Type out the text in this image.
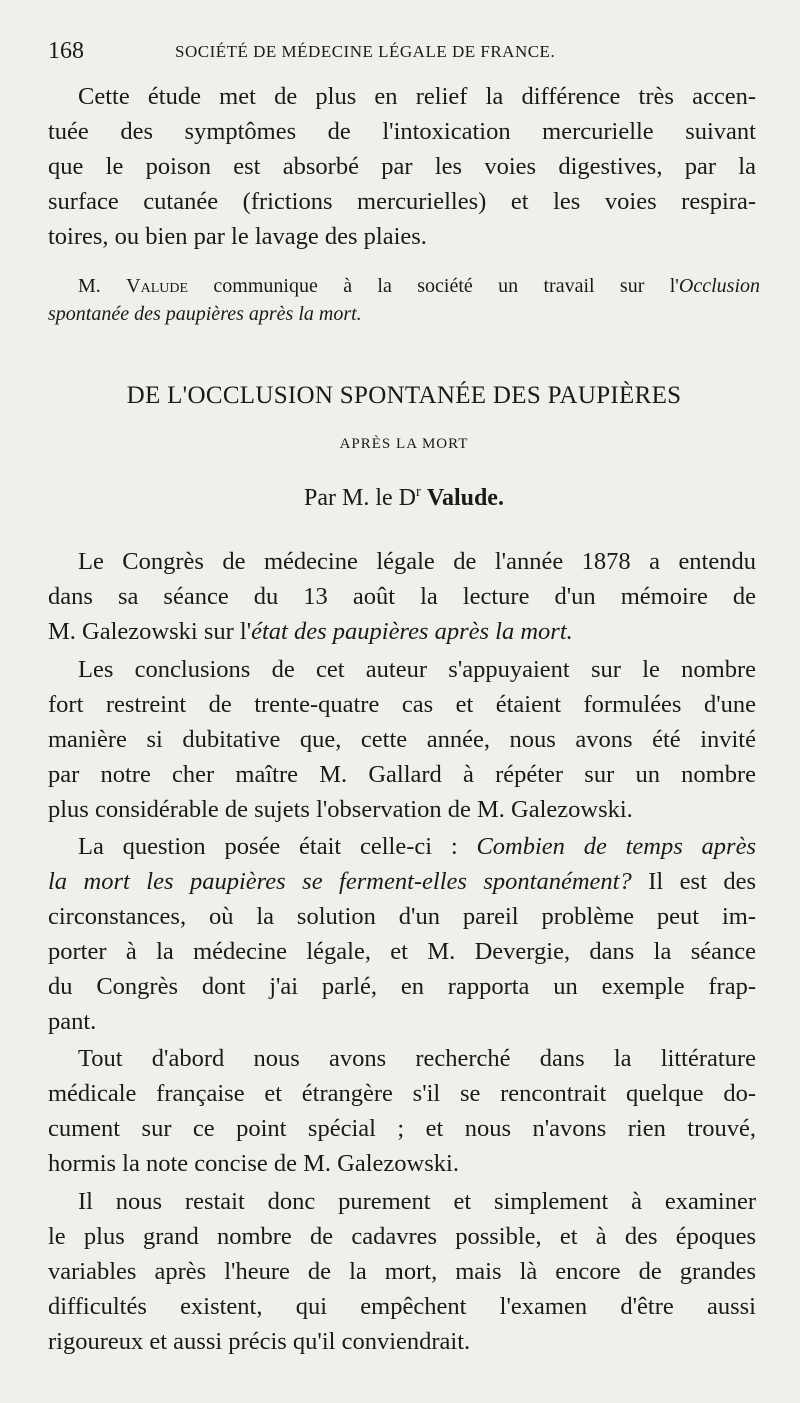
168	SOCIÉTÉ DE MÉDECINE LÉGALE DE FRANCE.
Cette étude met de plus en relief la différence très accen-
tuée des symptômes de l'intoxication mercurielle suivant
que le poison est absorbé par les voies digestives, par la
surface cutanée (frictions mercurielles) et les voies respira-
toires, ou bien par le lavage des plaies.
M. Valude communique à la société un travail sur l'Occlusion
spontanée des paupières après la mort.
DE L'OCCLUSION SPONTANÉE DES PAUPIÈRES
APRÈS LA MORT
Par M. le $D^r$ Valude.
Le Congrès de médecine légale de l'année 1878 a entendu
dans sa séance du 13 août la lecture d'un mémoire de
M. Galezowski sur l'état des paupières après la mort.
Les conclusions de cet auteur s'appuyaient sur le nombre
fort restreint de trente-quatre cas et étaient formulées d'une
manière si dubitative que, cette année, nous avons été invité
par notre cher maître M. Gallard à répéter sur un nombre
plus considérable de sujets l'observation de M. Galezowski.
La question posée était celle-ci : Combien de temps après
la mort les paupières se ferment-elles spontanément? Il est des
circonstances, où la solution d'un pareil problème peut im-
porter à la médecine légale, et M. Devergie, dans la séance
du Congrès dont j'ai parlé, en rapporta un exemple frap-
pant.
Tout d'abord nous avons recherché dans la littérature
médicale française et étrangère s'il se rencontrait quelque do-
cument sur ce point spécial ; et nous n'avons rien trouvé,
hormis la note concise de M. Galezowski.
Il nous restait donc purement et simplement à examiner
le plus grand nombre de cadavres possible, et à des époques
variables après l'heure de la mort, mais là encore de grandes
difficultés existent, qui empêchent l'examen d'être aussi
rigoureux et aussi précis qu'il conviendrait.
